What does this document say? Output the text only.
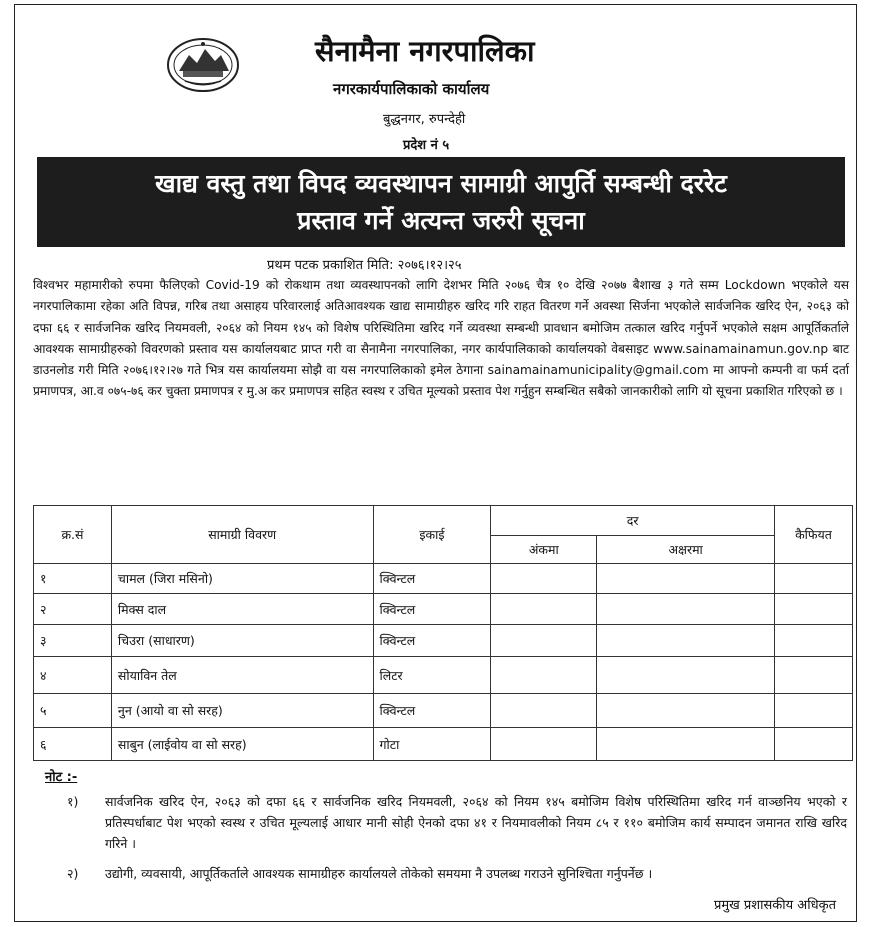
सैनामैना नगरपालिका
नगरकार्यपालिकाको कार्यालय
बुद्धनगर, रुपन्देही
प्रदेश नं ५
खाद्य वस्तु तथा विपद व्यवस्थापन सामाग्री आपुर्ति सम्बन्धी दररेट
प्रस्ताव गर्ने अत्यन्त जरुरी सूचना
प्रथम पटक प्रकाशित मिति: २०७६।१२।२५
विश्वभर महामारीको रुपमा फैलिएको Covid-19 को रोकथाम तथा व्यवस्थापनको लागि देशभर मिति २०७६ चैत्र १० देखि २०७७ बैशाख ३ गते सम्म Lockdown भएकोले यस नगरपालिकामा रहेका अति विपन्न, गरिब तथा असाहय परिवारलाई अतिआवश्यक खाद्य सामाग्रीहरु खरिद गरि राहत वितरण गर्ने अवस्था सिर्जना भएकोले सार्वजनिक खरिद ऐन, २०६३ को दफा ६६ र सार्वजनिक खरिद नियमवली, २०६४ को नियम १४५ को विशेष परिस्थितिमा खरिद गर्ने व्यवस्था सम्बन्धी प्रावधान बमोजिम तत्काल खरिद गर्नुपर्ने भएकोले सक्षम आपूर्तिकर्ताले आवश्यक सामाग्रीहरुको विवरणको प्रस्ताव यस कार्यालयबाट प्राप्त गरी वा सैनामैना नगरपालिका, नगर कार्यपालिकाको कार्यालयको वेबसाइट www.sainamainamun.gov.np बाट डाउनलोड गरी मिति २०७६।१२।२७ गते भित्र यस कार्यालयमा सोझै वा यस नगरपालिकाको इमेल ठेगाना sainamainamunicipality@gmail.com मा आफ्नो कम्पनी वा फर्म दर्ता प्रमाणपत्र, आ.व ०७५-७६ कर चुक्ता प्रमाणपत्र र मु.अ कर प्रमाणपत्र सहित स्वस्थ र उचित मूल्यको प्रस्ताव पेश गर्नुहुन सम्बन्धित सबैको जानकारीको लागि यो सूचना प्रकाशित गरिएको छ ।
क्र.सं	सामाग्री विवरण	इकाई	दर		कैफियत
			अंकमा	अक्षरमा	
१	चामल (जिरा मसिनो)	क्विन्टल			
२	मिक्स दाल	क्विन्टल			
३	चिउरा (साधारण)	क्विन्टल			
४	सोयाविन तेल	लिटर			
५	नुन (आयो वा सो सरह)	क्विन्टल			
६	साबुन (लाईवोय वा सो सरह)	गोटा			
नोट :-
१) सार्वजनिक खरिद ऐन, २०६३ को दफा ६६ र सार्वजनिक खरिद नियमवली, २०६४ को नियम १४५ बमोजिम विशेष परिस्थितिमा खरिद गर्न वाञ्छनिय भएको र प्रतिस्पर्धाबाट पेश भएको स्वस्थ र उचित मूल्यलाई आधार मानी सोही ऐनको दफा ४१ र नियमावलीको नियम ८५ र ११० बमोजिम कार्य सम्पादन जमानत राखि खरिद गरिने ।
२) उद्योगी, व्यवसायी, आपूर्तिकर्ताले आवश्यक सामाग्रीहरु कार्यालयले तोकेको समयमा नै उपलब्ध गराउने सुनिश्चिता गर्नुपर्नेछ ।
प्रमुख प्रशासकीय अधिकृत
